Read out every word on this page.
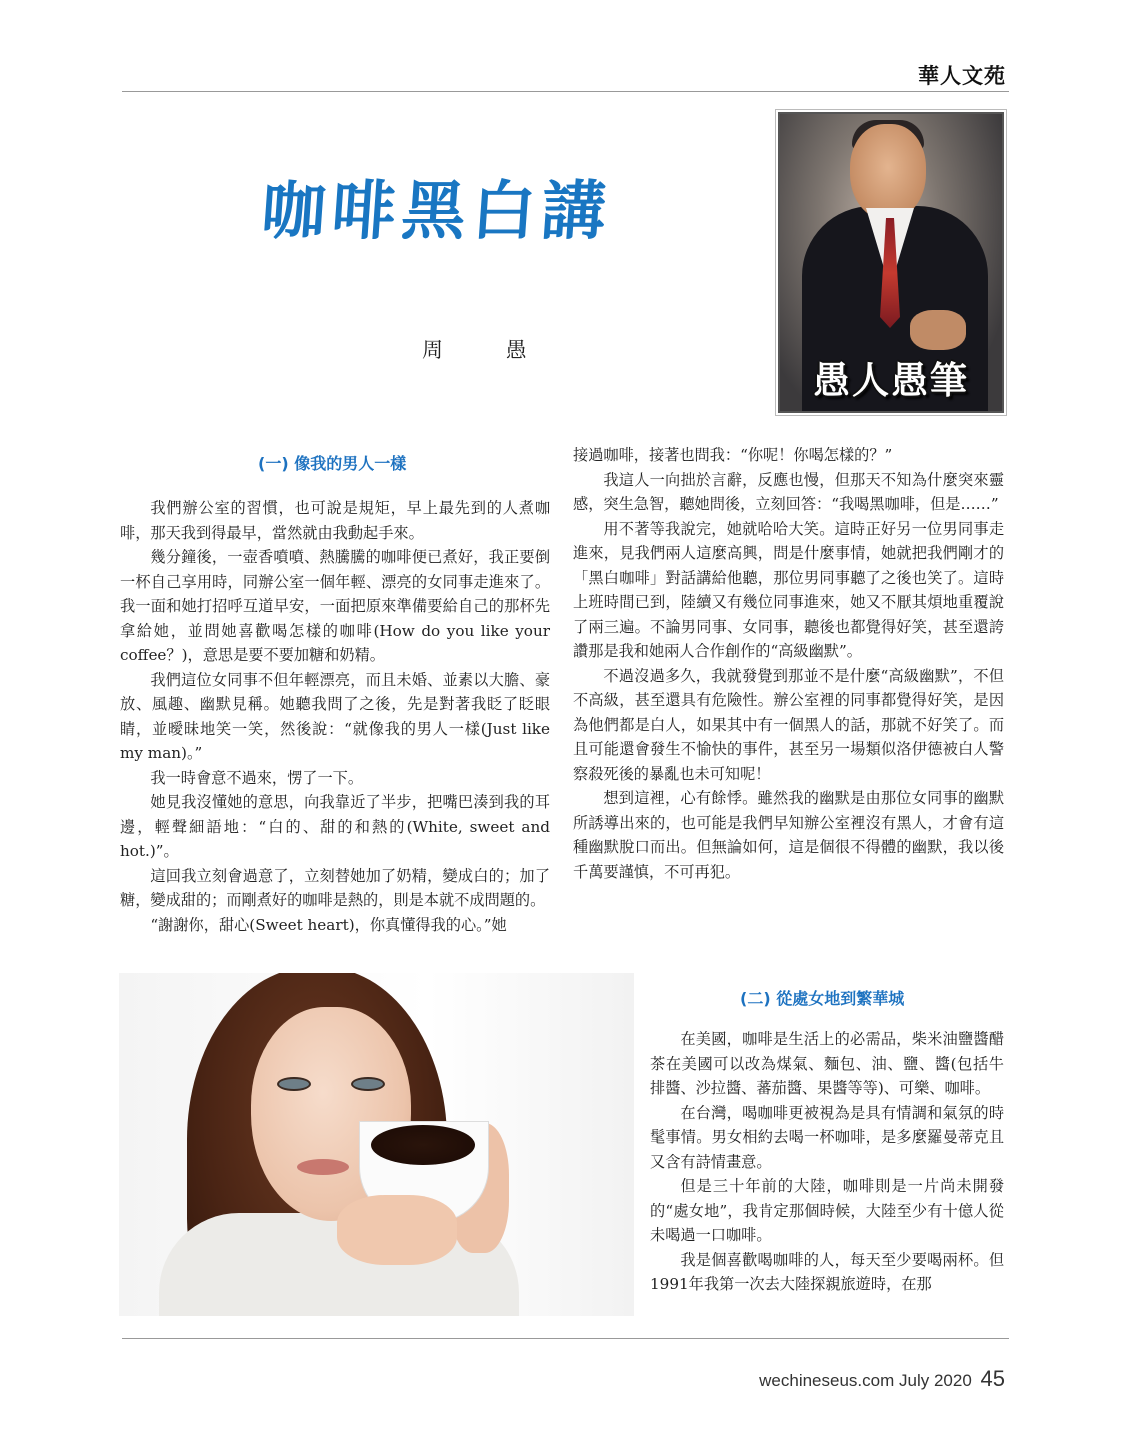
華人文苑
咖啡黑白講
周 愚
愚人愚筆
(一) 像我的男人一樣

我們辦公室的習慣，也可說是規矩，早上最先到的人煮咖啡，那天我到得最早，當然就由我動起手來。

幾分鐘後，一壺香噴噴、熱騰騰的咖啡便已煮好，我正要倒一杯自己享用時，同辦公室一個年輕、漂亮的女同事走進來了。我一面和她打招呼互道早安，一面把原來準備要給自己的那杯先拿給她，並問她喜歡喝怎樣的咖啡(How do you like your coffee？)，意思是要不要加糖和奶精。

我們這位女同事不但年輕漂亮，而且未婚、並素以大膽、豪放、風趣、幽默見稱。她聽我問了之後，先是對著我眨了眨眼睛，並曖昧地笑一笑，然後說：“就像我的男人一樣(Just like my man)。”

我一時會意不過來，愣了一下。

她見我沒懂她的意思，向我靠近了半步，把嘴巴湊到我的耳邊，輕聲細語地：“白的、甜的和熱的(White, sweet and hot.)”。

這回我立刻會過意了，立刻替她加了奶精，變成白的；加了糖，變成甜的；而剛煮好的咖啡是熱的，則是本就不成問題的。

“謝謝你，甜心(Sweet heart)，你真懂得我的心。”她

接過咖啡，接著也問我：“你呢！你喝怎樣的？”

我這人一向拙於言辭，反應也慢，但那天不知為什麼突來靈感，突生急智，聽她問後，立刻回答：“我喝黑咖啡，但是……”

用不著等我說完，她就哈哈大笑。這時正好另一位男同事走進來，見我們兩人這麼高興，問是什麼事情，她就把我們剛才的「黑白咖啡」對話講給他聽，那位男同事聽了之後也笑了。這時上班時間已到，陸續又有幾位同事進來，她又不厭其煩地重覆說了兩三遍。不論男同事、女同事，聽後也都覺得好笑，甚至還誇讚那是我和她兩人合作創作的“高級幽默”。

不過沒過多久，我就發覺到那並不是什麼“高級幽默”，不但不高級，甚至還具有危險性。辦公室裡的同事都覺得好笑，是因為他們都是白人，如果其中有一個黑人的話，那就不好笑了。而且可能還會發生不愉快的事件，甚至另一場類似洛伊德被白人警察殺死後的暴亂也未可知呢！

想到這裡，心有餘悸。雖然我的幽默是由那位女同事的幽默所誘導出來的，也可能是我們早知辦公室裡沒有黑人，才會有這種幽默脫口而出。但無論如何，這是個很不得體的幽默，我以後千萬要謹慎，不可再犯。

(二) 從處女地到繁華城

在美國，咖啡是生活上的必需品，柴米油鹽醬醋茶在美國可以改為煤氣、麵包、油、鹽、醬(包括牛排醬、沙拉醬、蕃茄醬、果醬等等)、可樂、咖啡。

在台灣，喝咖啡更被視為是具有情調和氣氛的時髦事情。男女相約去喝一杯咖啡，是多麼羅曼蒂克且又含有詩情畫意。

但是三十年前的大陸，咖啡則是一片尚未開發的“處女地”，我肯定那個時候，大陸至少有十億人從未喝過一口咖啡。

我是個喜歡喝咖啡的人，每天至少要喝兩杯。但1991年我第一次去大陸探親旅遊時，在那

wechineseus.com July 2020 45
